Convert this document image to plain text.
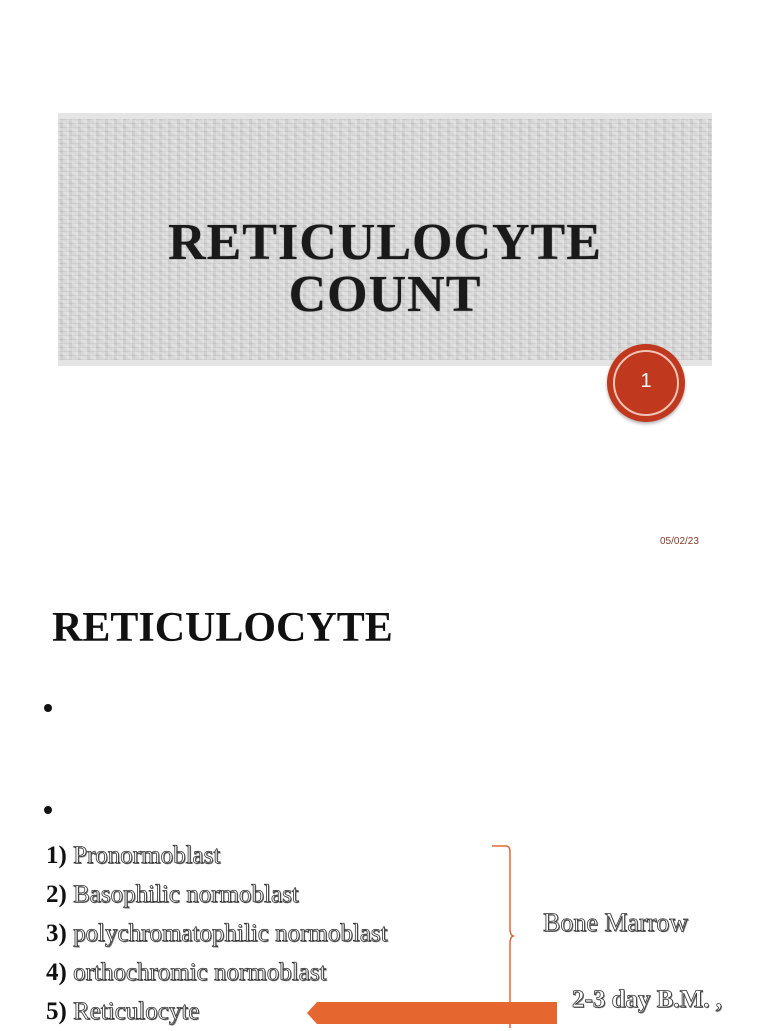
RETICULOCYTE
COUNT
1
05/02/23
RETICULOCYTE
1) Pronormoblast
2) Basophilic normoblast
3) polychromatophilic normoblast
4) orthochromic normoblast
5) Reticulocyte
Bone Marrow
2-3 day B.M. ,
